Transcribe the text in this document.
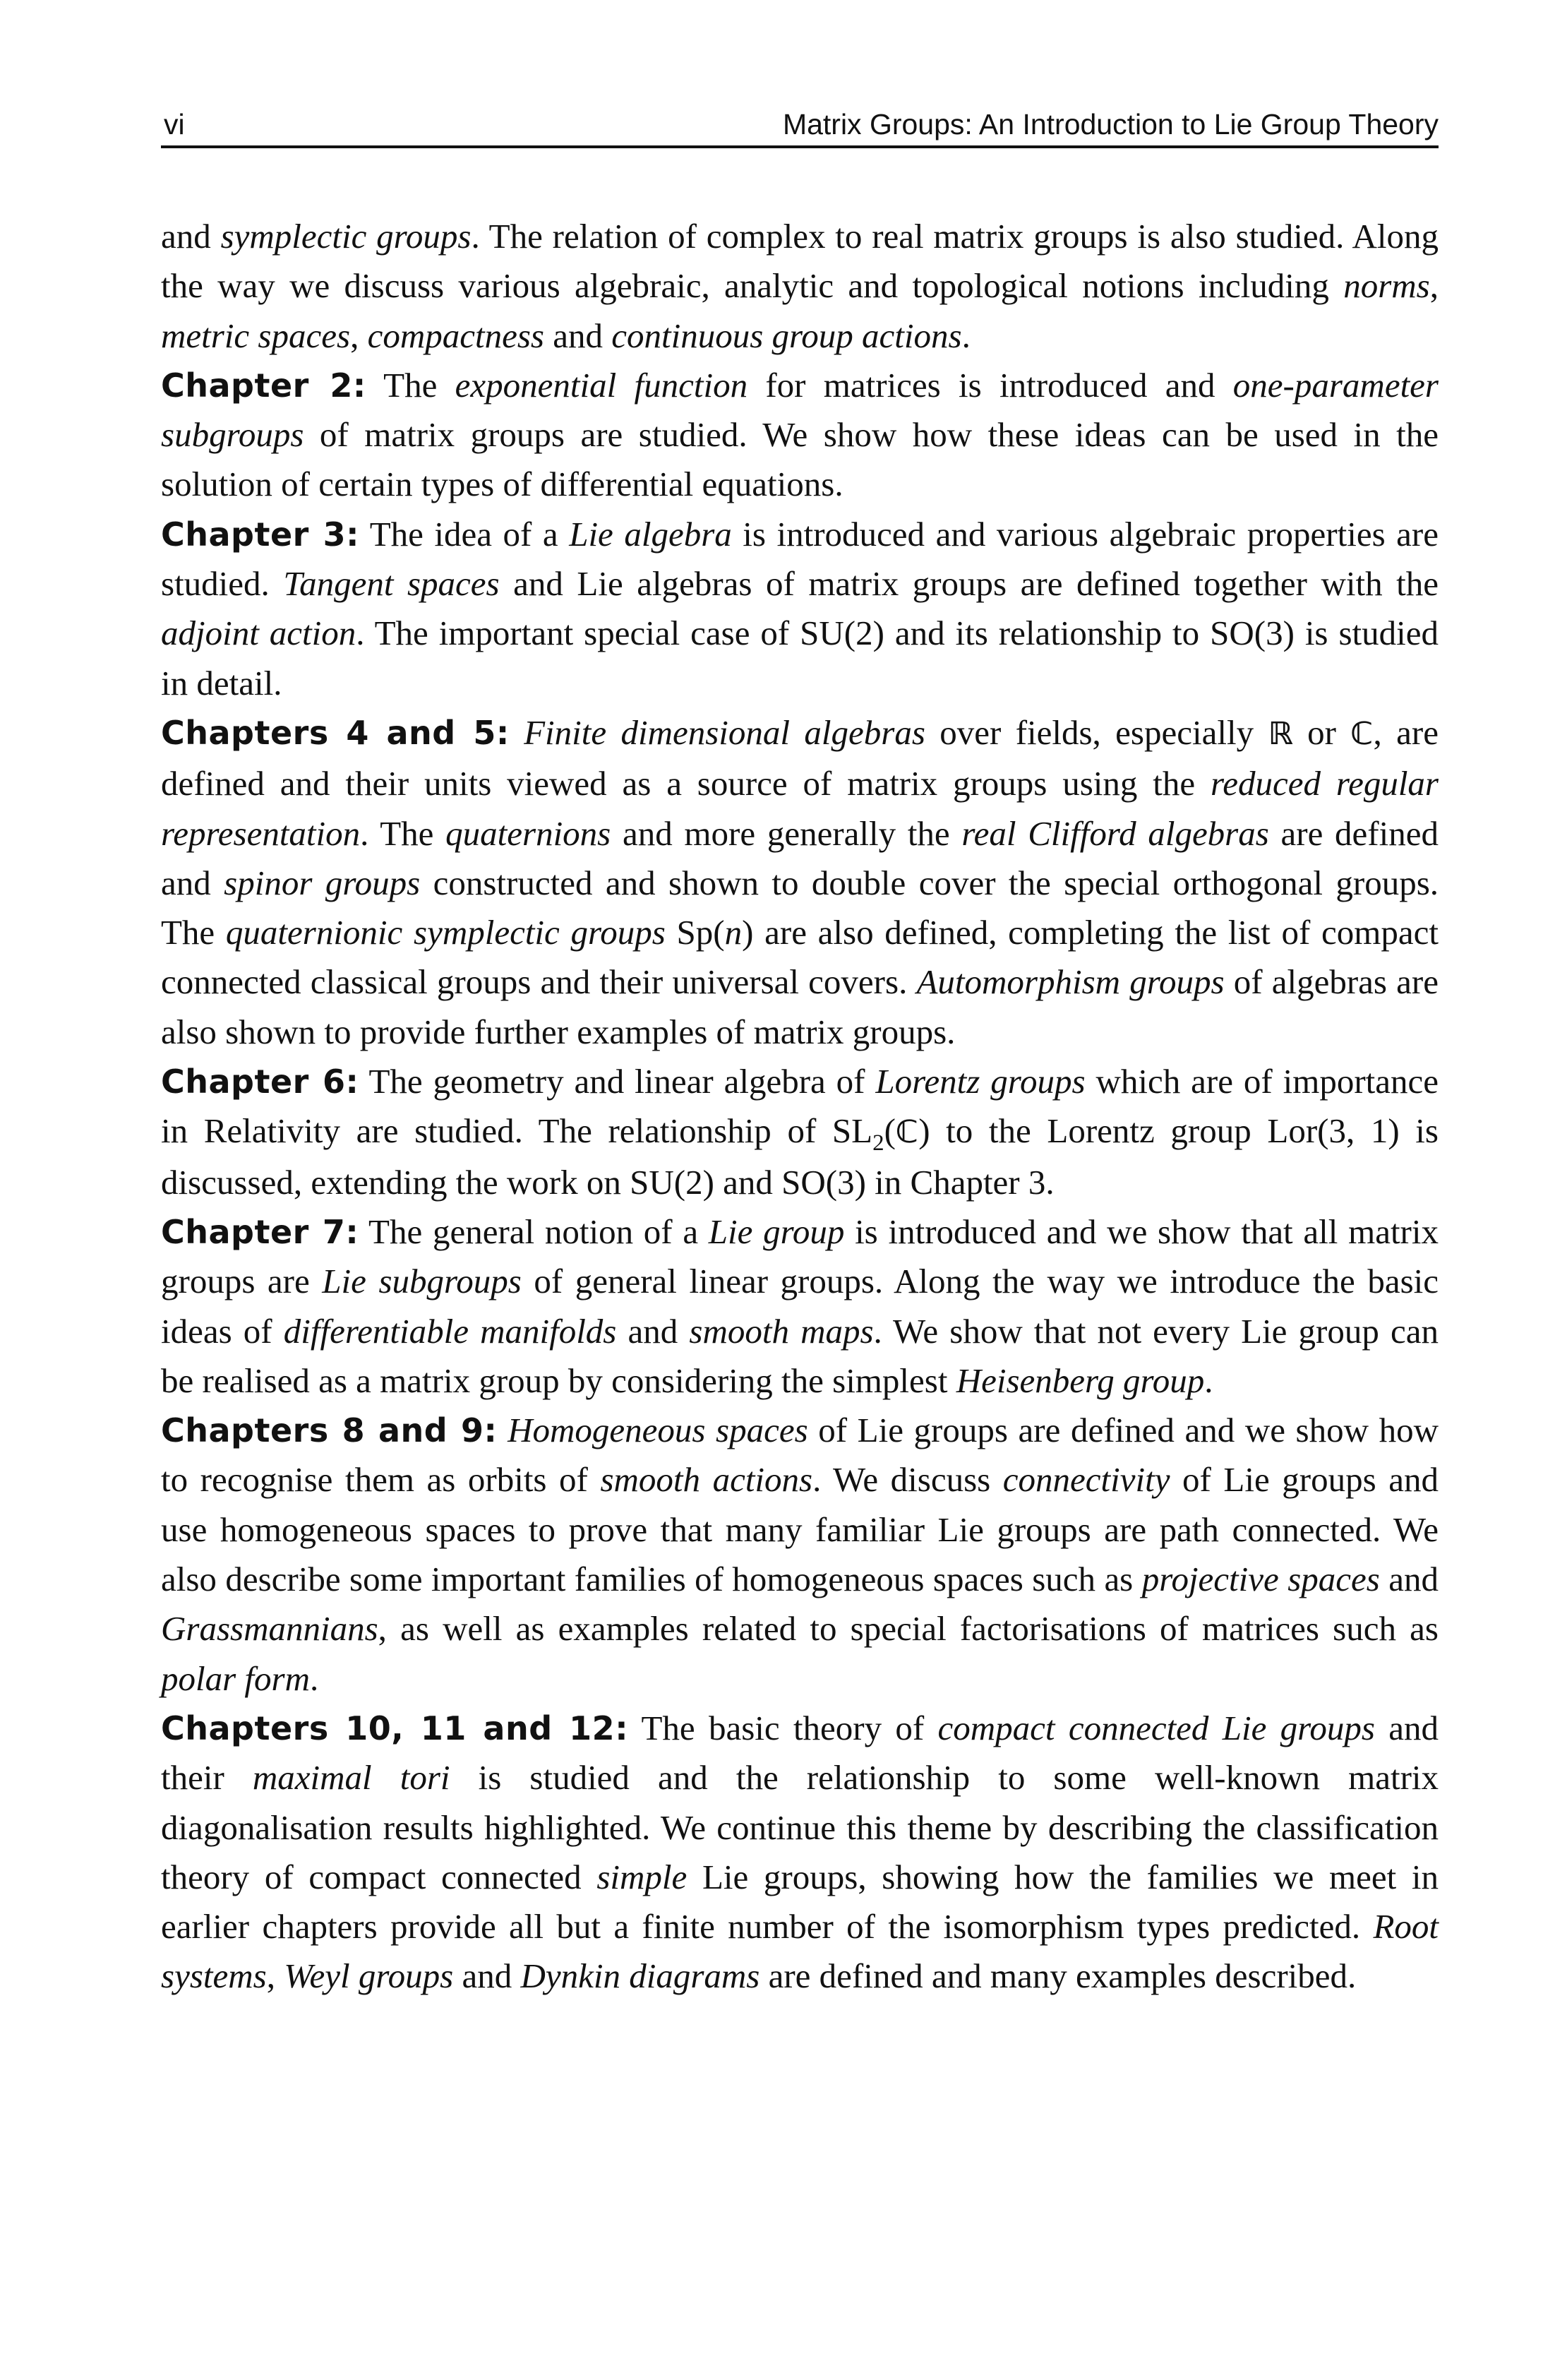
vi	Matrix Groups: An Introduction to Lie Group Theory

and symplectic groups. The relation of complex to real matrix groups is also studied. Along the way we discuss various algebraic, analytic and topological notions including norms, metric spaces, compactness and continuous group actions.

Chapter 2: The exponential function for matrices is introduced and one-parameter subgroups of matrix groups are studied. We show how these ideas can be used in the solution of certain types of differential equations.

Chapter 3: The idea of a Lie algebra is introduced and various algebraic properties are studied. Tangent spaces and Lie algebras of matrix groups are defined together with the adjoint action. The important special case of SU(2) and its relationship to SO(3) is studied in detail.

Chapters 4 and 5: Finite dimensional algebras over fields, especially ℝ or ℂ, are defined and their units viewed as a source of matrix groups using the reduced regular representation. The quaternions and more generally the real Clifford algebras are defined and spinor groups constructed and shown to double cover the special orthogonal groups. The quaternionic symplectic groups Sp(n) are also defined, completing the list of compact connected classical groups and their universal covers. Automorphism groups of algebras are also shown to provide further examples of matrix groups.

Chapter 6: The geometry and linear algebra of Lorentz groups which are of importance in Relativity are studied. The relationship of $SL_2(ℂ)$ to the Lorentz group Lor(3, 1) is discussed, extending the work on SU(2) and SO(3) in Chapter 3.

Chapter 7: The general notion of a Lie group is introduced and we show that all matrix groups are Lie subgroups of general linear groups. Along the way we introduce the basic ideas of differentiable manifolds and smooth maps. We show that not every Lie group can be realised as a matrix group by considering the simplest Heisenberg group.

Chapters 8 and 9: Homogeneous spaces of Lie groups are defined and we show how to recognise them as orbits of smooth actions. We discuss connectivity of Lie groups and use homogeneous spaces to prove that many familiar Lie groups are path connected. We also describe some important families of homogeneous spaces such as projective spaces and Grassmannians, as well as examples related to special factorisations of matrices such as polar form.

Chapters 10, 11 and 12: The basic theory of compact connected Lie groups and their maximal tori is studied and the relationship to some well-known matrix diagonalisation results highlighted. We continue this theme by describing the classification theory of compact connected simple Lie groups, showing how the families we meet in earlier chapters provide all but a finite number of the isomorphism types predicted. Root systems, Weyl groups and Dynkin diagrams are defined and many examples described.
